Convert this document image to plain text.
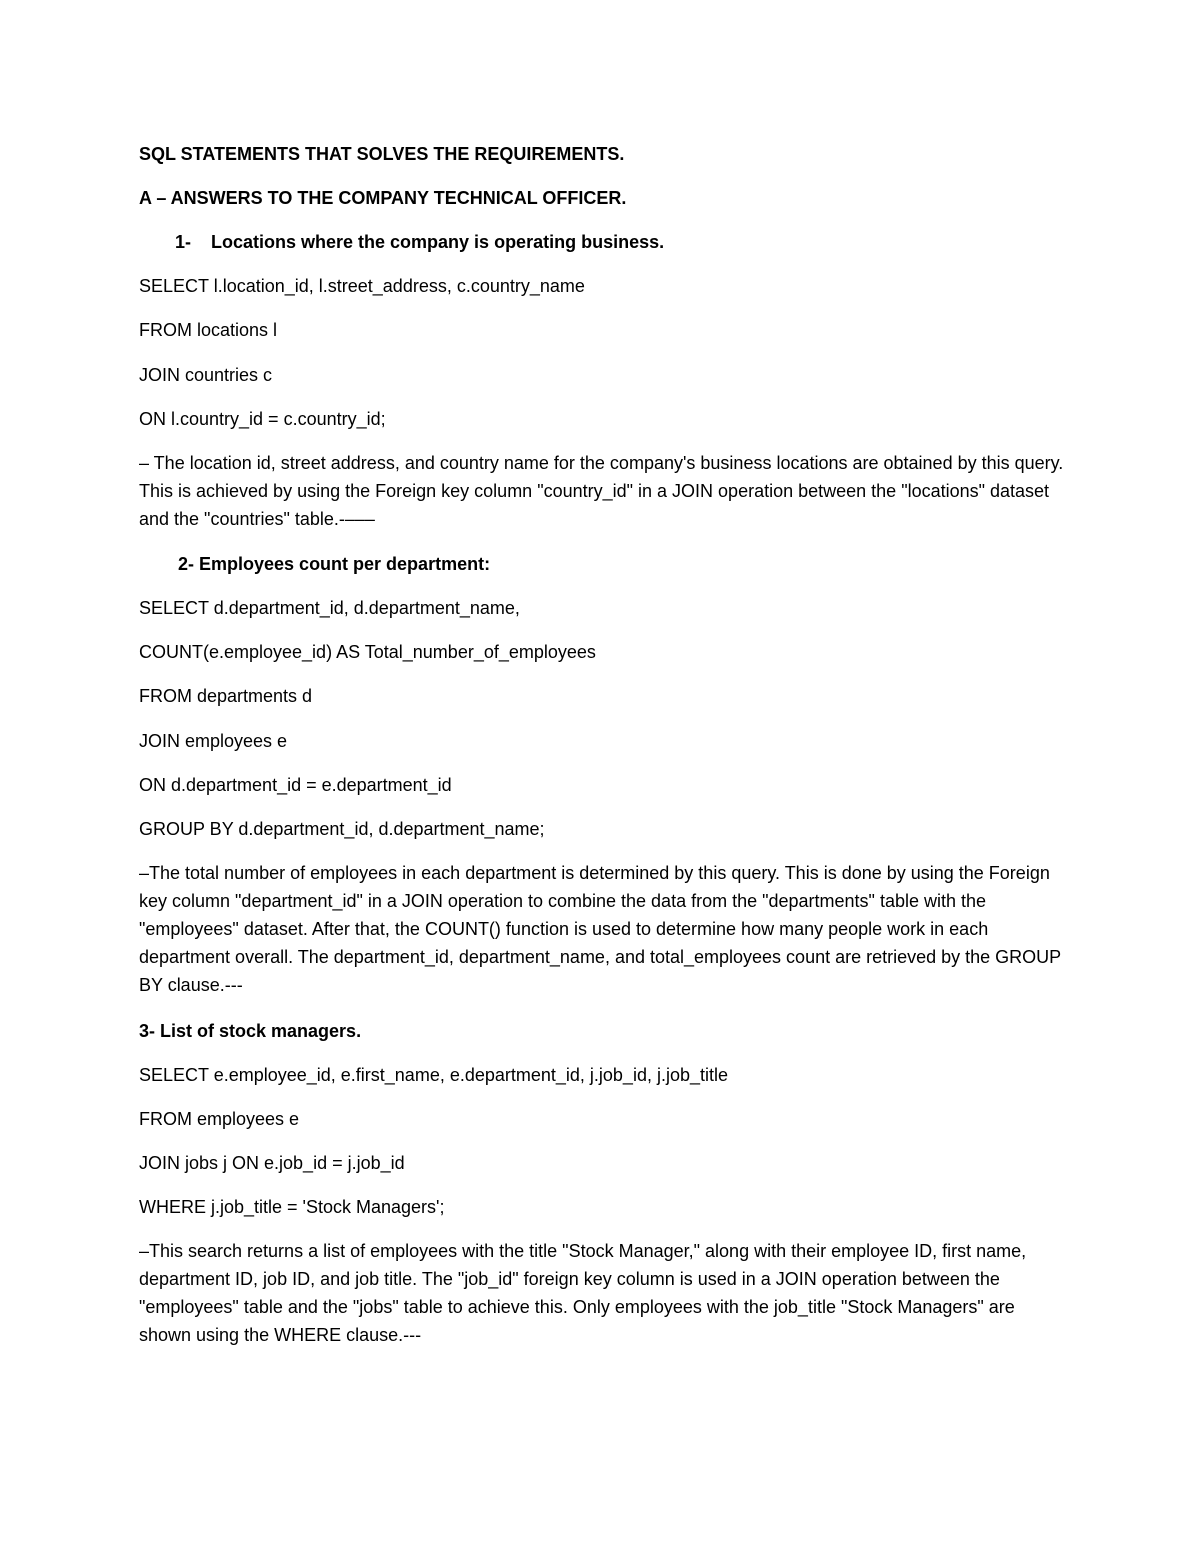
SQL STATEMENTS THAT SOLVES THE REQUIREMENTS.
A – ANSWERS TO THE COMPANY TECHNICAL OFFICER.
1- Locations where the company is operating business.
SELECT l.location_id, l.street_address, c.country_name
FROM locations l
JOIN countries c
ON l.country_id = c.country_id;
– The location id, street address, and country name for the company's business locations are obtained by this query. This is achieved by using the Foreign key column "country_id" in a JOIN operation between the "locations" dataset and the "countries" table.-–––
2- Employees count per department:
SELECT d.department_id, d.department_name,
COUNT(e.employee_id) AS Total_number_of_employees
FROM departments d
JOIN employees e
ON d.department_id = e.department_id
GROUP BY d.department_id, d.department_name;
–The total number of employees in each department is determined by this query. This is done by using the Foreign key column "department_id" in a JOIN operation to combine the data from the "departments" table with the "employees" dataset. After that, the COUNT() function is used to determine how many people work in each department overall. The department_id, department_name, and total_employees count are retrieved by the GROUP BY clause.---
3- List of stock managers.
SELECT e.employee_id, e.first_name, e.department_id, j.job_id, j.job_title
FROM employees e
JOIN jobs j ON e.job_id = j.job_id
WHERE j.job_title = 'Stock Managers';
–This search returns a list of employees with the title "Stock Manager," along with their employee ID, first name, department ID, job ID, and job title. The "job_id" foreign key column is used in a JOIN operation between the "employees" table and the "jobs" table to achieve this. Only employees with the job_title "Stock Managers" are shown using the WHERE clause.---
